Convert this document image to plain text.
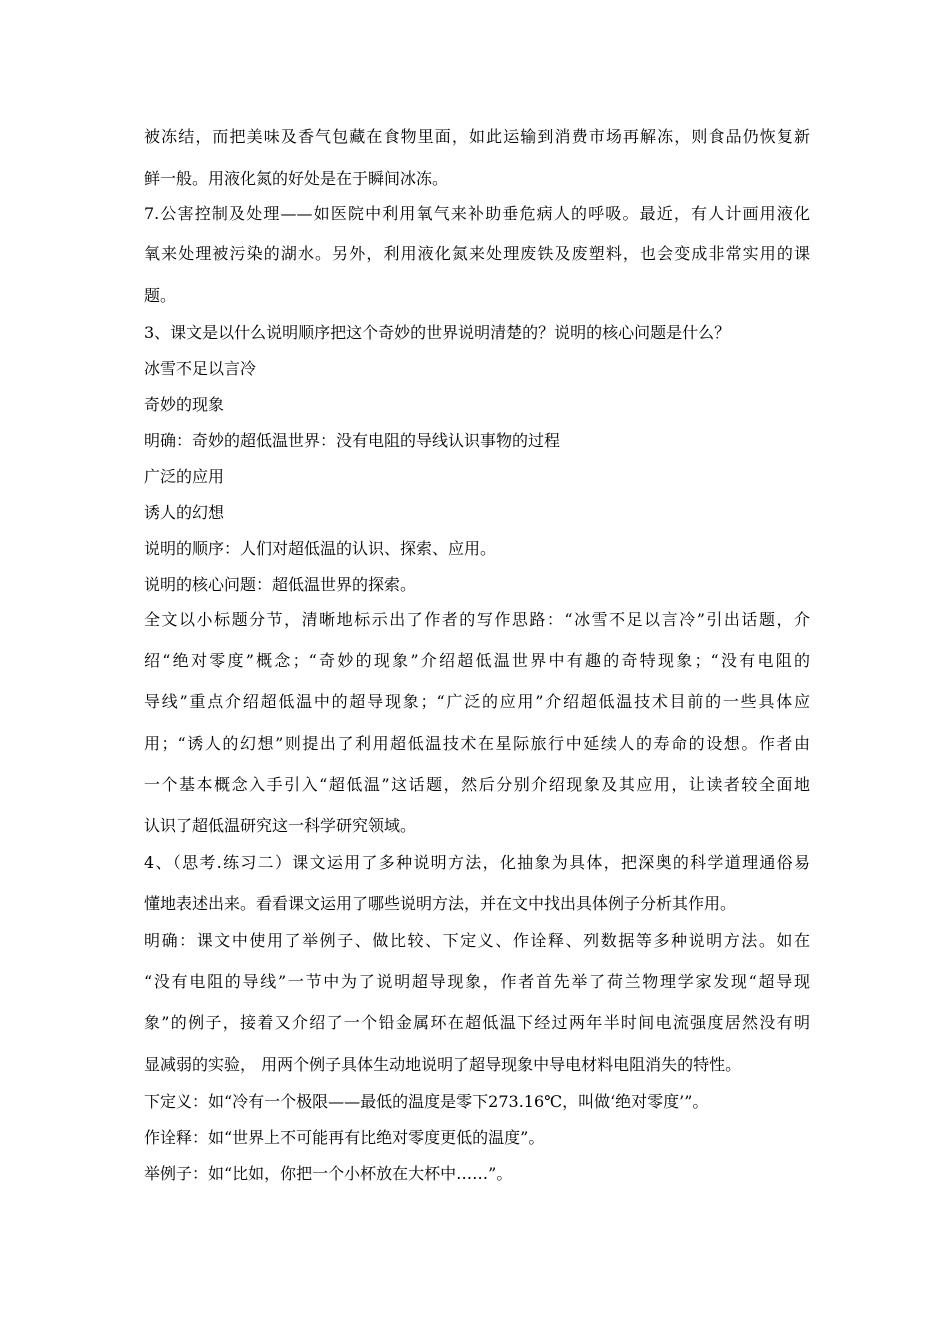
被冻结，而把美味及香气包藏在食物里面，如此运输到消费市场再解冻，则食品仍恢复新
鲜一般。用液化氮的好处是在于瞬间冰冻。
7.公害控制及处理——如医院中利用氧气来补助垂危病人的呼吸。最近，有人计画用液化
氧来处理被污染的湖水。另外，利用液化氮来处理废铁及废塑料，也会变成非常实用的课
题。
3、课文是以什么说明顺序把这个奇妙的世界说明清楚的？说明的核心问题是什么？
冰雪不足以言冷
奇妙的现象
明确：奇妙的超低温世界：没有电阻的导线认识事物的过程
广泛的应用
诱人的幻想
说明的顺序：人们对超低温的认识、探索、应用。
说明的核心问题：超低温世界的探索。
全文以小标题分节，清晰地标示出了作者的写作思路：“冰雪不足以言冷”引出话题，介
绍“绝对零度”概念；“奇妙的现象”介绍超低温世界中有趣的奇特现象；“没有电阻的
导线”重点介绍超低温中的超导现象；“广泛的应用”介绍超低温技术目前的一些具体应
用；“诱人的幻想”则提出了利用超低温技术在星际旅行中延续人的寿命的设想。作者由
一个基本概念入手引入“超低温”这话题，然后分别介绍现象及其应用，让读者较全面地
认识了超低温研究这一科学研究领域。
4、（思考.练习二）课文运用了多种说明方法，化抽象为具体，把深奥的科学道理通俗易
懂地表述出来。看看课文运用了哪些说明方法，并在文中找出具体例子分析其作用。
明确：课文中使用了举例子、做比较、下定义、作诠释、列数据等多种说明方法。如在
“没有电阻的导线”一节中为了说明超导现象，作者首先举了荷兰物理学家发现“超导现
象”的例子，接着又介绍了一个铅金属环在超低温下经过两年半时间电流强度居然没有明
显减弱的实验， 用两个例子具体生动地说明了超导现象中导电材料电阻消失的特性。
下定义：如“冷有一个极限——最低的温度是零下273.16℃，叫做‘绝对零度’”。
作诠释：如“世界上不可能再有比绝对零度更低的温度”。
举例子：如“比如，你把一个小杯放在大杯中……”。
